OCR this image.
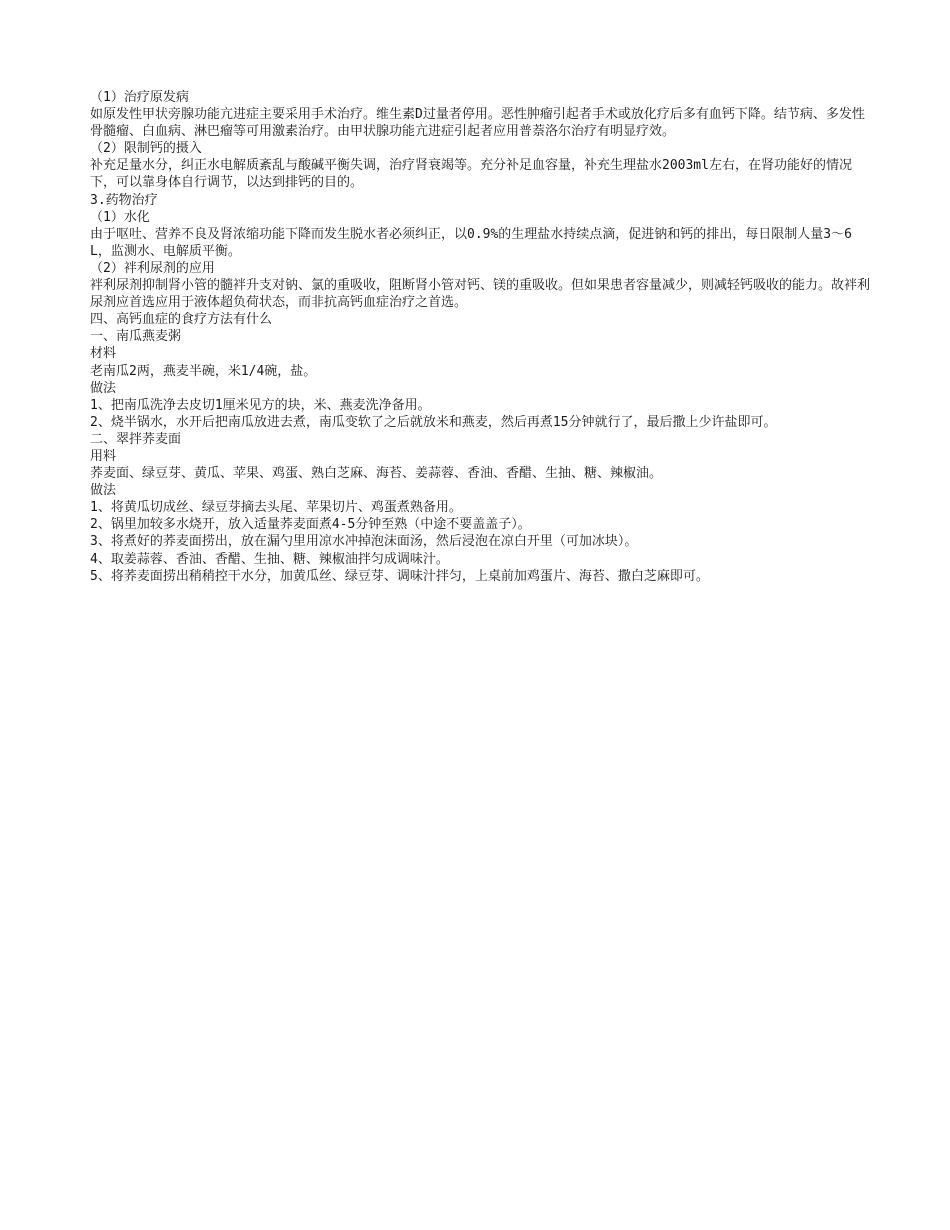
（1）治疗原发病

如原发性甲状旁腺功能亢进症主要采用手术治疗。维生素D过量者停用。恶性肿瘤引起者手术或放化疗后多有血钙下降。结节病、多发性骨髓瘤、白血病、淋巴瘤等可用激素治疗。由甲状腺功能亢进症引起者应用普萘洛尔治疗有明显疗效。

（2）限制钙的摄入

补充足量水分，纠正水电解质紊乱与酸碱平衡失调，治疗肾衰竭等。充分补足血容量，补充生理盐水2003ml左右，在肾功能好的情况下，可以靠身体自行调节，以达到排钙的目的。

3.药物治疗

（1）水化

由于呕吐、营养不良及肾浓缩功能下降而发生脱水者必须纠正，以0.9%的生理盐水持续点滴，促进钠和钙的排出，每日限制人量3～6L，监测水、电解质平衡。

（2）袢利尿剂的应用

袢利尿剂抑制肾小管的髓袢升支对钠、氯的重吸收，阻断肾小管对钙、镁的重吸收。但如果患者容量减少，则减轻钙吸收的能力。故袢利尿剂应首选应用于液体超负荷状态，而非抗高钙血症治疗之首选。

四、高钙血症的食疗方法有什么

一、南瓜燕麦粥

材料

老南瓜2两，燕麦半碗，米1/4碗，盐。

做法

1、把南瓜洗净去皮切1厘米见方的块，米、燕麦洗净备用。

2、烧半锅水，水开后把南瓜放进去煮，南瓜变软了之后就放米和燕麦，然后再煮15分钟就行了，最后撒上少许盐即可。

二、翠拌荞麦面

用料

荞麦面、绿豆芽、黄瓜、苹果、鸡蛋、熟白芝麻、海苔、姜蒜蓉、香油、香醋、生抽、糖、辣椒油。

做法

1、将黄瓜切成丝、绿豆芽摘去头尾、苹果切片、鸡蛋煮熟备用。

2、锅里加较多水烧开，放入适量荞麦面煮4-5分钟至熟（中途不要盖盖子）。

3、将煮好的荞麦面捞出，放在漏勺里用凉水冲掉泡沫面汤，然后浸泡在凉白开里（可加冰块）。

4、取姜蒜蓉、香油、香醋、生抽、糖、辣椒油拌匀成调味汁。

5、将荞麦面捞出稍稍控干水分，加黄瓜丝、绿豆芽、调味汁拌匀，上桌前加鸡蛋片、海苔、撒白芝麻即可。
